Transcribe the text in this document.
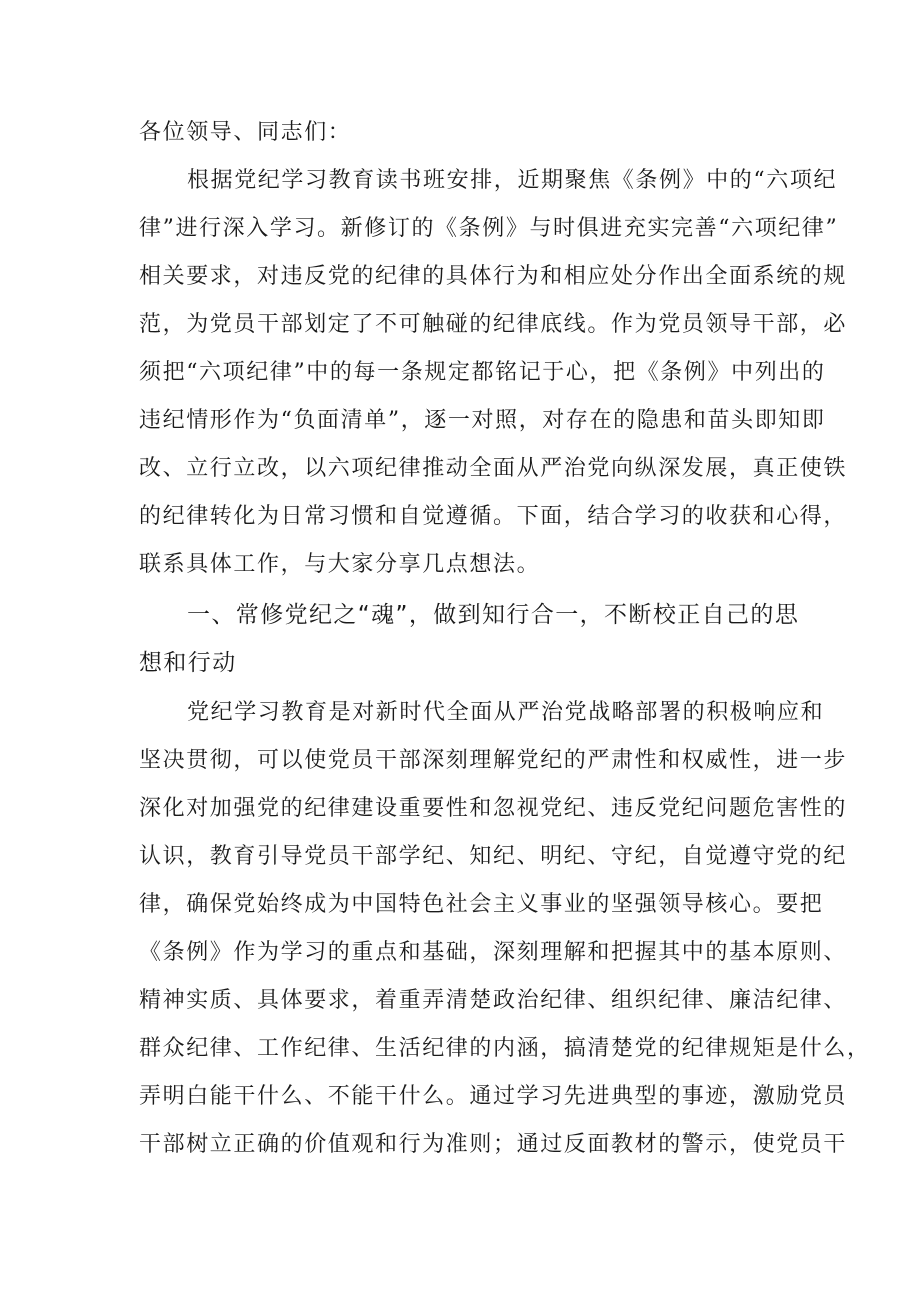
各位领导、同志们：
根据党纪学习教育读书班安排，近期聚焦《条例》中的“六项纪
律”进行深入学习。新修订的《条例》与时俱进充实完善“六项纪律”
相关要求，对违反党的纪律的具体行为和相应处分作出全面系统的规
范，为党员干部划定了不可触碰的纪律底线。作为党员领导干部，必
须把“六项纪律”中的每一条规定都铭记于心，把《条例》中列出的
违纪情形作为“负面清单”，逐一对照，对存在的隐患和苗头即知即
改、立行立改，以六项纪律推动全面从严治党向纵深发展，真正使铁
的纪律转化为日常习惯和自觉遵循。下面，结合学习的收获和心得，
联系具体工作，与大家分享几点想法。
一、常修党纪之“魂”，做到知行合一，不断校正自己的思
想和行动
党纪学习教育是对新时代全面从严治党战略部署的积极响应和
坚决贯彻，可以使党员干部深刻理解党纪的严肃性和权威性，进一步
深化对加强党的纪律建设重要性和忽视党纪、违反党纪问题危害性的
认识，教育引导党员干部学纪、知纪、明纪、守纪，自觉遵守党的纪
律，确保党始终成为中国特色社会主义事业的坚强领导核心。要把
《条例》作为学习的重点和基础，深刻理解和把握其中的基本原则、
精神实质、具体要求，着重弄清楚政治纪律、组织纪律、廉洁纪律、
群众纪律、工作纪律、生活纪律的内涵，搞清楚党的纪律规矩是什么，
弄明白能干什么、不能干什么。通过学习先进典型的事迹，激励党员
干部树立正确的价值观和行为准则；通过反面教材的警示，使党员干
